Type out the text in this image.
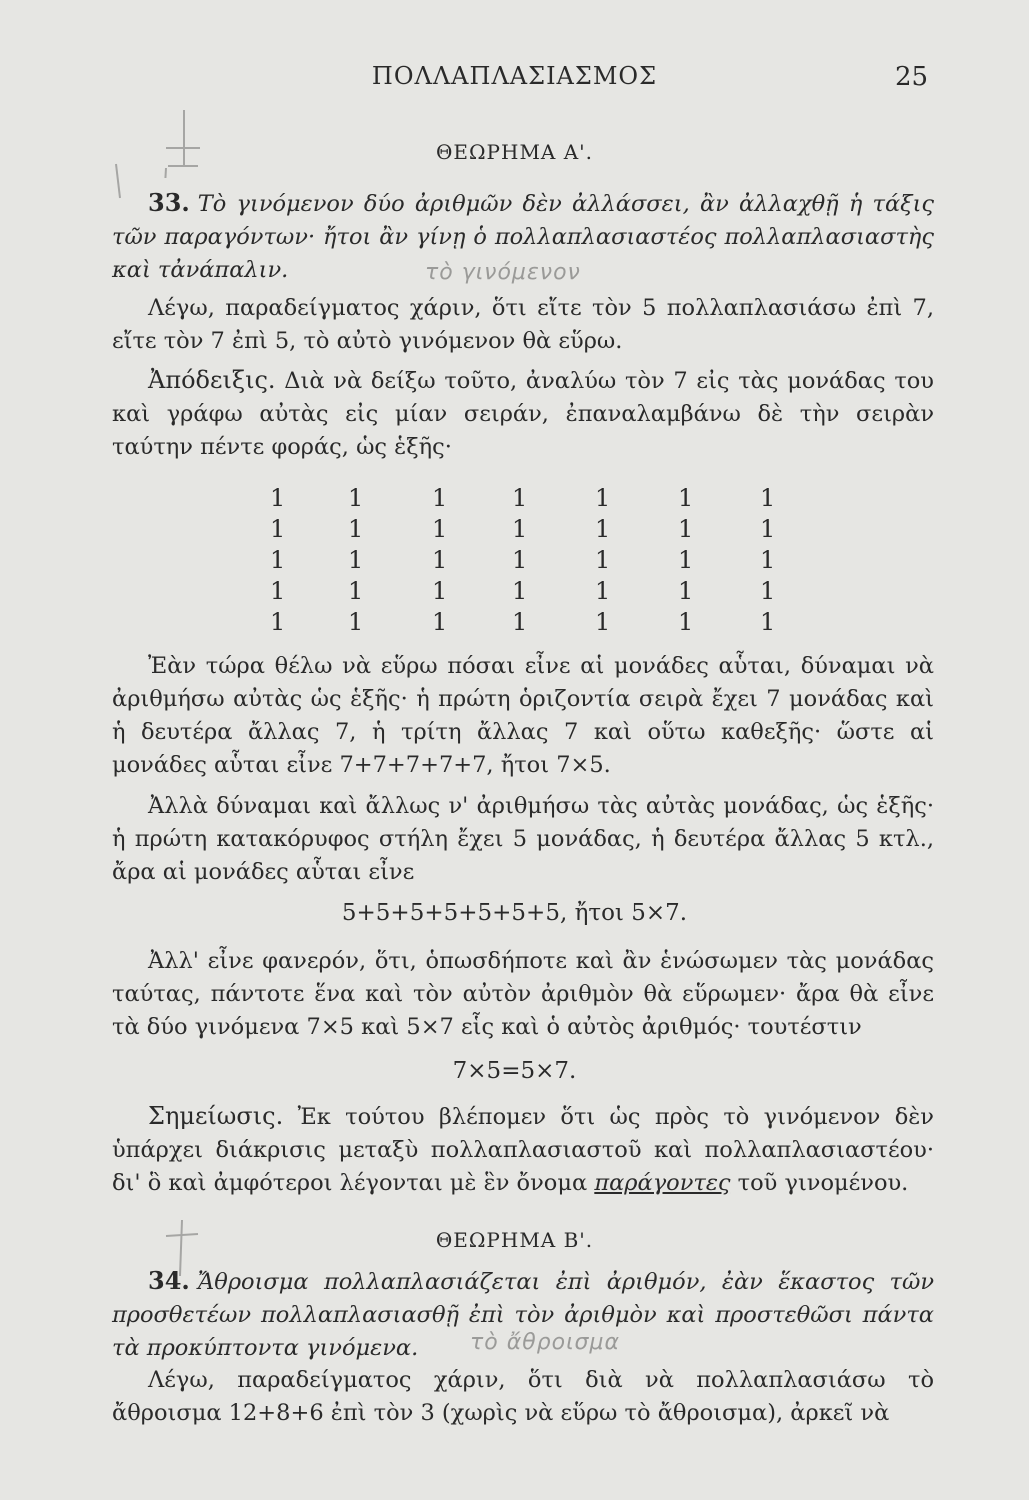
ΠΟΛΛΑΠΛΑΣΙΑΣΜΟΣ	25
ΘΕΩΡΗΜΑ Α'.
33. Τὸ γινόμενον δύο ἀριθμῶν δὲν ἀλλάσσει, ἂν ἀλλαχθῇ ἡ τάξις τῶν παραγόντων· ἤτοι ἂν γίνῃ ὁ πολλαπλασιαστέος πολλαπλασιαστὴς καὶ τἀνάπαλιν.	τὸ γινόμενον
Λέγω, παραδείγματος χάριν, ὅτι εἴτε τὸν 5 πολλαπλασιάσω ἐπὶ 7, εἴτε τὸν 7 ἐπὶ 5, τὸ αὐτὸ γινόμενον θὰ εὕρω.
Ἀπόδειξις. Διὰ νὰ δείξω τοῦτο, ἀναλύω τὸν 7 εἰς τὰς μονάδας του καὶ γράφω αὐτὰς εἰς μίαν σειράν, ἐπαναλαμβάνω δὲ τὴν σειρὰν ταύτην πέντε φοράς, ὡς ἑξῆς·
1	1	1	1	1	1	1
1	1	1	1	1	1	1
1	1	1	1	1	1	1
1	1	1	1	1	1	1
1	1	1	1	1	1	1
Ἐὰν τώρα θέλω νὰ εὕρω πόσαι εἶνε αἱ μονάδες αὗται, δύναμαι νὰ ἀριθμήσω αὐτὰς ὡς ἑξῆς· ἡ πρώτη ὁριζοντία σειρὰ ἔχει 7 μονάδας καὶ ἡ δευτέρα ἄλλας 7, ἡ τρίτη ἄλλας 7 καὶ οὕτω καθεξῆς· ὥστε αἱ μονάδες αὗται εἶνε 7+7+7+7+7, ἤτοι 7×5.
Ἀλλὰ δύναμαι καὶ ἄλλως ν' ἀριθμήσω τὰς αὐτὰς μονάδας, ὡς ἑξῆς· ἡ πρώτη κατακόρυφος στήλη ἔχει 5 μονάδας, ἡ δευτέρα ἄλλας 5 κτλ., ἄρα αἱ μονάδες αὗται εἶνε
5+5+5+5+5+5+5, ἤτοι 5×7.
Ἀλλ' εἶνε φανερόν, ὅτι, ὁπωσδήποτε καὶ ἂν ἑνώσωμεν τὰς μονάδας ταύτας, πάντοτε ἕνα καὶ τὸν αὐτὸν ἀριθμὸν θὰ εὕρωμεν· ἄρα θὰ εἶνε τὰ δύο γινόμενα 7×5 καὶ 5×7 εἷς καὶ ὁ αὐτὸς ἀριθμός· τουτέστιν
7×5=5×7.
Σημείωσις. Ἐκ τούτου βλέπομεν ὅτι ὡς πρὸς τὸ γινόμενον δὲν ὑπάρχει διάκρισις μεταξὺ πολλαπλασιαστοῦ καὶ πολλαπλασιαστέου· δι' ὃ καὶ ἀμφότεροι λέγονται μὲ ἓν ὄνομα παράγοντες τοῦ γινομένου.
ΘΕΩΡΗΜΑ Β'.
34. Ἄθροισμα πολλαπλασιάζεται ἐπὶ ἀριθμόν, ἐὰν ἕκαστος τῶν προσθετέων πολλαπλασιασθῇ ἐπὶ τὸν ἀριθμὸν καὶ προστεθῶσι πάντα τὰ προκύπτοντα γινόμενα.	τὸ ἄθροισμα
Λέγω, παραδείγματος χάριν, ὅτι διὰ νὰ πολλαπλασιάσω τὸ ἄθροισμα 12+8+6 ἐπὶ τὸν 3 (χωρὶς νὰ εὕρω τὸ ἄθροισμα), ἀρκεῖ νὰ
